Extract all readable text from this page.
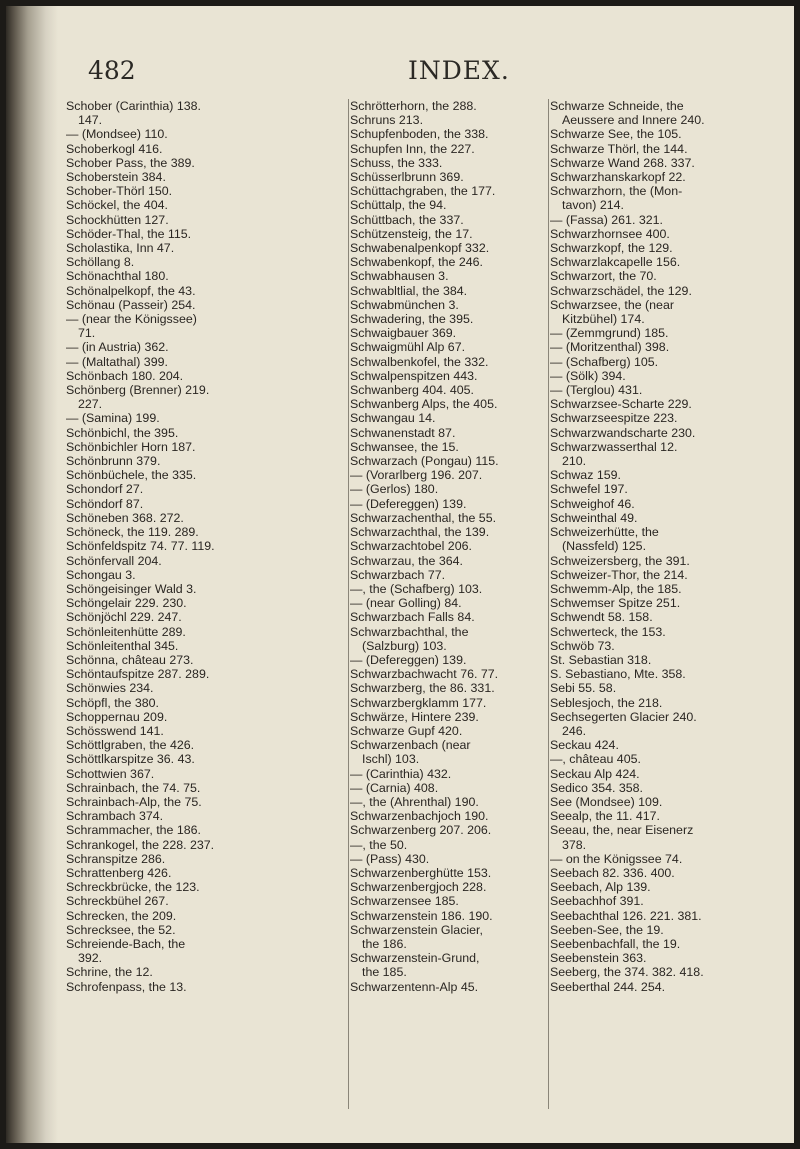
482	INDEX.
Schober (Carinthia) 138.
147.
— (Mondsee) 110.
Schoberkogl 416.
Schober Pass, the 389.
Schoberstein 384.
Schober-Thörl 150.
Schöckel, the 404.
Schockhütten 127.
Schöder-Thal, the 115.
Scholastika, Inn 47.
Schöllang 8.
Schönachthal 180.
Schönalpelkopf, the 43.
Schönau (Passeir) 254.
— (near the Königssee)
71.
— (in Austria) 362.
— (Maltathal) 399.
Schönbach 180. 204.
Schönberg (Brenner) 219.
227.
— (Samina) 199.
Schönbichl, the 395.
Schönbichler Horn 187.
Schönbrunn 379.
Schönbüchele, the 335.
Schondorf 27.
Schöndorf 87.
Schöneben 368. 272.
Schöneck, the 119. 289.
Schönfeldspitz 74. 77. 119.
Schönfervall 204.
Schongau 3.
Schöngeisinger Wald 3.
Schöngelair 229. 230.
Schönjöchl 229. 247.
Schönleitenhütte 289.
Schönleitenthal 345.
Schönna, château 273.
Schöntaufspitze 287. 289.
Schönwies 234.
Schöpfl, the 380.
Schoppernau 209.
Schösswend 141.
Schöttlgraben, the 426.
Schöttlkarspitze 36. 43.
Schottwien 367.
Schrainbach, the 74. 75.
Schrainbach-Alp, the 75.
Schrambach 374.
Schrammacher, the 186.
Schrankogel, the 228. 237.
Schranspitze 286.
Schrattenberg 426.
Schreckbrücke, the 123.
Schreckbühel 267.
Schrecken, the 209.
Schrecksee, the 52.
Schreiende-Bach, the
392.
Schrine, the 12.
Schrofenpass, the 13.
Schrötterhorn, the 288.
Schruns 213.
Schupfenboden, the 338.
Schupfen Inn, the 227.
Schuss, the 333.
Schüsserlbrunn 369.
Schüttachgraben, the 177.
Schüttalp, the 94.
Schüttbach, the 337.
Schützensteig, the 17.
Schwabenalpenkopf 332.
Schwabenkopf, the 246.
Schwabhausen 3.
Schwabltlial, the 384.
Schwabmünchen 3.
Schwadering, the 395.
Schwaigbauer 369.
Schwaigmühl Alp 67.
Schwalbenkofel, the 332.
Schwalpenspitzen 443.
Schwanberg 404. 405.
Schwanberg Alps, the 405.
Schwangau 14.
Schwanenstadt 87.
Schwansee, the 15.
Schwarzach (Pongau) 115.
— (Vorarlberg 196. 207.
— (Gerlos) 180.
— (Defereggen) 139.
Schwarzachenthal, the 55.
Schwarzachthal, the 139.
Schwarzachtobel 206.
Schwarzau, the 364.
Schwarzbach 77.
—, the (Schafberg) 103.
— (near Golling) 84.
Schwarzbach Falls 84.
Schwarzbachthal, the
(Salzburg) 103.
— (Defereggen) 139.
Schwarzbachwacht 76. 77.
Schwarzberg, the 86. 331.
Schwarzbergklamm 177.
Schwärze, Hintere 239.
Schwarze Gupf 420.
Schwarzenbach (near
Ischl) 103.
— (Carinthia) 432.
— (Carnia) 408.
—, the (Ahrenthal) 190.
Schwarzenbachjoch 190.
Schwarzenberg 207. 206.
—, the 50.
— (Pass) 430.
Schwarzenberghütte 153.
Schwarzenbergjoch 228.
Schwarzensee 185.
Schwarzenstein 186. 190.
Schwarzenstein Glacier,
the 186.
Schwarzenstein-Grund,
the 185.
Schwarzentenn-Alp 45.
Schwarze Schneide, the
Aeussere and Innere 240.
Schwarze See, the 105.
Schwarze Thörl, the 144.
Schwarze Wand 268. 337.
Schwarzhanskarkopf 22.
Schwarzhorn, the (Mon-
tavon) 214.
— (Fassa) 261. 321.
Schwarzhornsee 400.
Schwarzkopf, the 129.
Schwarzlakcapelle 156.
Schwarzort, the 70.
Schwarzschädel, the 129.
Schwarzsee, the (near
Kitzbühel) 174.
— (Zemmgrund) 185.
— (Moritzenthal) 398.
— (Schafberg) 105.
— (Sölk) 394.
— (Terglou) 431.
Schwarzsee-Scharte 229.
Schwarzseespitze 223.
Schwarzwandscharte 230.
Schwarzwasserthal 12.
210.
Schwaz 159.
Schwefel 197.
Schweighof 46.
Schweinthal 49.
Schweizerhütte, the
(Nassfeld) 125.
Schweizersberg, the 391.
Schweizer-Thor, the 214.
Schwemm-Alp, the 185.
Schwemser Spitze 251.
Schwendt 58. 158.
Schwerteck, the 153.
Schwöb 73.
St. Sebastian 318.
S. Sebastiano, Mte. 358.
Sebi 55. 58.
Seblesjoch, the 218.
Sechsegerten Glacier 240.
246.
Seckau 424.
—, château 405.
Seckau Alp 424.
Sedico 354. 358.
See (Mondsee) 109.
Seealp, the 11. 417.
Seeau, the, near Eisenerz
378.
— on the Königssee 74.
Seebach 82. 336. 400.
Seebach, Alp 139.
Seebachhof 391.
Seebachthal 126. 221. 381.
Seeben-See, the 19.
Seebenbachfall, the 19.
Seebenstein 363.
Seeberg, the 374. 382. 418.
Seeberthal 244. 254.
